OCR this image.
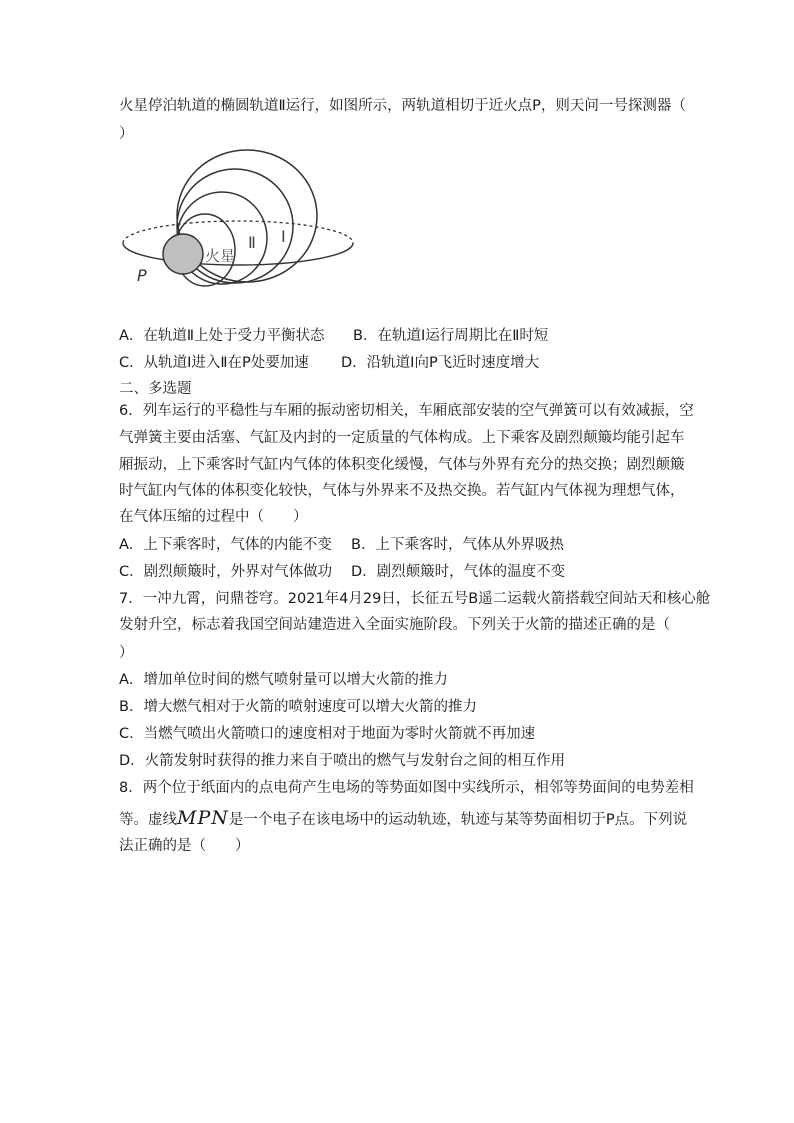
火星停泊轨道的椭圆轨道Ⅱ运行，如图所示，两轨道相切于近火点P，则天问一号探测器（
）
火星
Ⅱ Ⅰ
P
A．在轨道Ⅱ上处于受力平衡状态 B．在轨道Ⅰ运行周期比在Ⅱ时短
C．从轨道Ⅰ进入Ⅱ在P处要加速 D．沿轨道Ⅰ向P飞近时速度增大
二、多选题
6．列车运行的平稳性与车厢的振动密切相关，车厢底部安装的空气弹簧可以有效减振，空
气弹簧主要由活塞、气缸及内封的一定质量的气体构成。上下乘客及剧烈颠簸均能引起车
厢振动，上下乘客时气缸内气体的体积变化缓慢，气体与外界有充分的热交换；剧烈颠簸
时气缸内气体的体积变化较快，气体与外界来不及热交换。若气缸内气体视为理想气体，
在气体压缩的过程中（　　）
A．上下乘客时，气体的内能不变 B．上下乘客时，气体从外界吸热
C．剧烈颠簸时，外界对气体做功 D．剧烈颠簸时，气体的温度不变
7．一冲九霄，问鼎苍穹。2021年4月29日，长征五号B遥二运载火箭搭载空间站天和核心舱
发射升空，标志着我国空间站建造进入全面实施阶段。下列关于火箭的描述正确的是（
）
A．增加单位时间的燃气喷射量可以增大火箭的推力
B．增大燃气相对于火箭的喷射速度可以增大火箭的推力
C．当燃气喷出火箭喷口的速度相对于地面为零时火箭就不再加速
D．火箭发射时获得的推力来自于喷出的燃气与发射台之间的相互作用
8．两个位于纸面内的点电荷产生电场的等势面如图中实线所示，相邻等势面间的电势差相
等。虚线MPN是一个电子在该电场中的运动轨迹，轨迹与某等势面相切于P点。下列说
法正确的是（　　）
